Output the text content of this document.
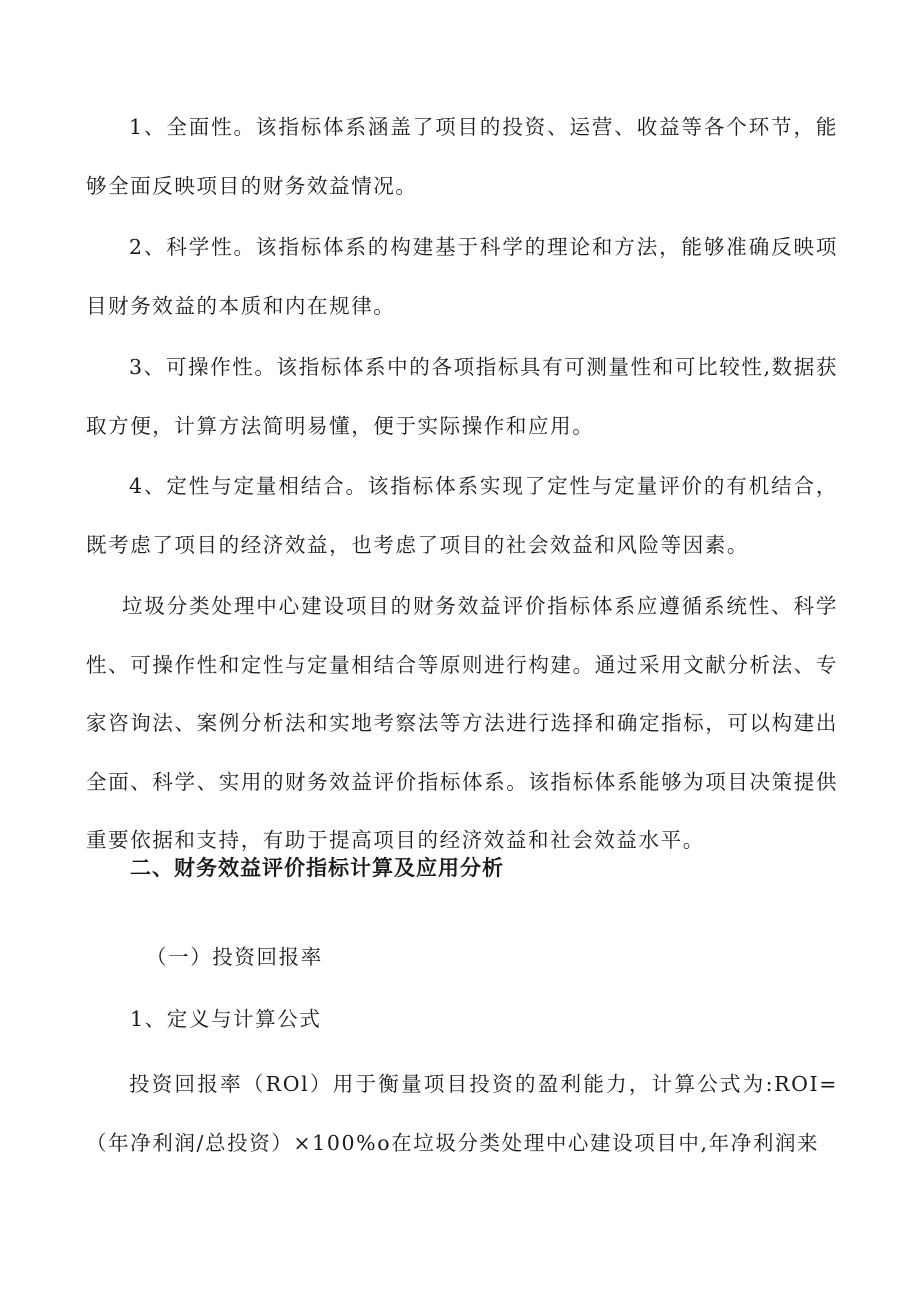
1、全面性。该指标体系涵盖了项目的投资、运营、收益等各个环节，能够全面反映项目的财务效益情况。

2、科学性。该指标体系的构建基于科学的理论和方法，能够准确反映项目财务效益的本质和内在规律。

3、可操作性。该指标体系中的各项指标具有可测量性和可比较性,数据获取方便，计算方法简明易懂，便于实际操作和应用。

4、定性与定量相结合。该指标体系实现了定性与定量评价的有机结合，既考虑了项目的经济效益，也考虑了项目的社会效益和风险等因素。

垃圾分类处理中心建设项目的财务效益评价指标体系应遵循系统性、科学性、可操作性和定性与定量相结合等原则进行构建。通过采用文献分析法、专家咨询法、案例分析法和实地考察法等方法进行选择和确定指标，可以构建出全面、科学、实用的财务效益评价指标体系。该指标体系能够为项目决策提供重要依据和支持，有助于提高项目的经济效益和社会效益水平。

二、财务效益评价指标计算及应用分析

（一）投资回报率

1、定义与计算公式

投资回报率（ROl）用于衡量项目投资的盈利能力，计算公式为:ROI=（年净利润/总投资）×100%o在垃圾分类处理中心建设项目中,年净利润来
